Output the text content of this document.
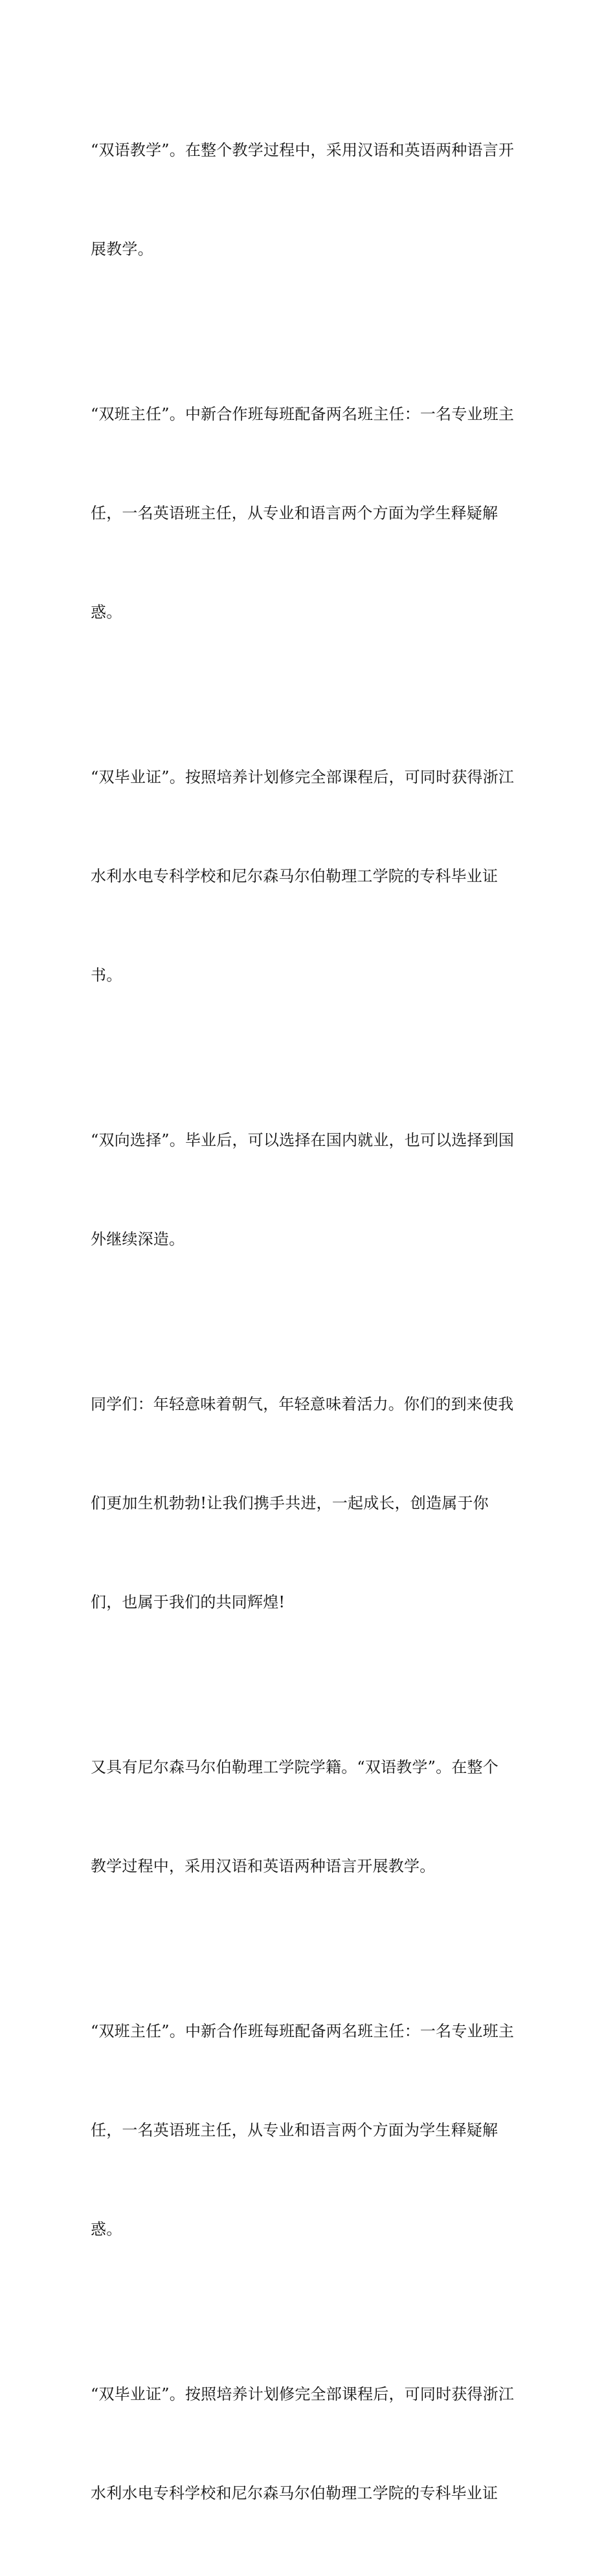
“双语教学”。在整个教学过程中，采用汉语和英语两种语言开

展教学。

“双班主任”。中新合作班每班配备两名班主任：一名专业班主

任，一名英语班主任，从专业和语言两个方面为学生释疑解

惑。

“双毕业证”。按照培养计划修完全部课程后，可同时获得浙江

水利水电专科学校和尼尔森马尔伯勒理工学院的专科毕业证

书。

“双向选择”。毕业后，可以选择在国内就业，也可以选择到国

外继续深造。

同学们：年轻意味着朝气，年轻意味着活力。你们的到来使我

们更加生机勃勃!让我们携手共进，一起成长，创造属于你

们，也属于我们的共同辉煌!

又具有尼尔森马尔伯勒理工学院学籍。“双语教学”。在整个

教学过程中，采用汉语和英语两种语言开展教学。

“双班主任”。中新合作班每班配备两名班主任：一名专业班主

任，一名英语班主任，从专业和语言两个方面为学生释疑解

惑。

“双毕业证”。按照培养计划修完全部课程后，可同时获得浙江

水利水电专科学校和尼尔森马尔伯勒理工学院的专科毕业证
